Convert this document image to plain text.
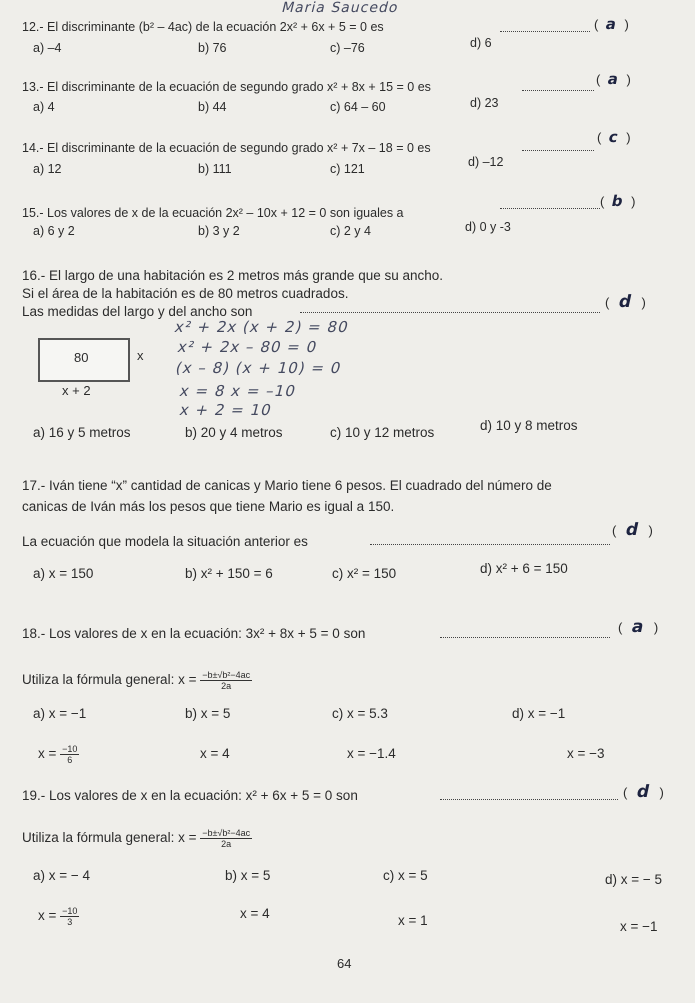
Maria Saucedo
12.- El discriminante (b² – 4ac) de la ecuación 2x² + 6x + 5 = 0 es	( a )
a) –4	b) 76	c) –76	d) 6
13.- El discriminante de la ecuación de segundo grado x² + 8x + 15 = 0 es	( a )
a) 4	b) 44	c) 64 – 60	d) 23
14.- El discriminante de la ecuación de segundo grado x² + 7x – 18 = 0 es
( c )
a) 12	b) 111	c) 121	d) –12
15.- Los valores de x de la ecuación 2x² – 10x + 12 = 0 son iguales a
( b )
a) 6 y 2	b) 3 y 2	c) 2 y 4	d) 0 y -3
16.- El largo de una habitación es 2 metros más grande que su ancho.
Si el área de la habitación es de 80 metros cuadrados.
Las medidas del largo y del ancho son
( d )
80	x
x + 2
x² + 2x (x + 2) = 80
x² + 2x – 80 = 0
(x – 8) (x + 10) = 0
x = 8 x = –10
x + 2 = 10
a) 16 y 5 metros	b) 20 y 4 metros	c) 10 y 12 metros	d) 10 y 8 metros
17.- Iván tiene “x” cantidad de canicas y Mario tiene 6 pesos. El cuadrado del número de
canicas de Iván más los pesos que tiene Mario es igual a 150.
La ecuación que modela la situación anterior es
( d )
a) x = 150	b) x² + 150 = 6	c) x² = 150	d) x² + 6 = 150
18.- Los valores de x en la ecuación: 3x² + 8x + 5 = 0 son	( a )
Utiliza la fórmula general: $x = \frac{\text{−b±√b²−4ac}}{2a}$
a) x = −1	b) x = 5	c) x = 5.3	d) x = −1
$x = \frac{-10}{6}$	x = 4	x = −1.4	x = −3
19.- Los valores de x en la ecuación: x² + 6x + 5 = 0 son	( d )
Utiliza la fórmula general: $x = \frac{\text{−b±√b²−4ac}}{2a}$
a) x = − 4	b) x = 5	c) x = 5	d) x = − 5
$x = \frac{-10}{3}$	x = 4	x = 1	x = −1
64
